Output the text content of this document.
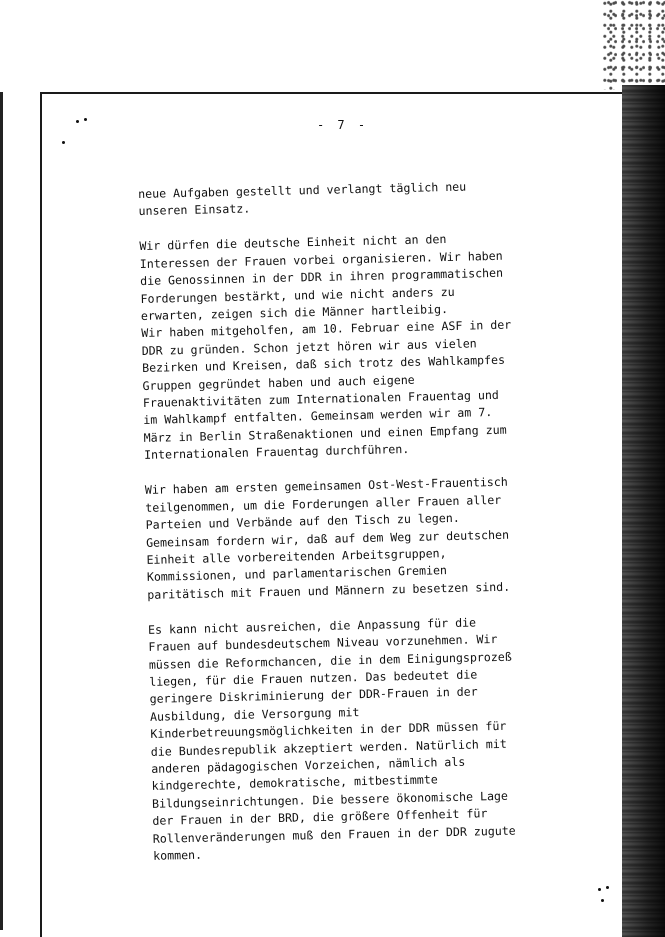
- 7 -
neue Aufgaben gestellt und verlangt täglich neu
unseren Einsatz.
Wir dürfen die deutsche Einheit nicht an den
Interessen der Frauen vorbei organisieren. Wir haben
die Genossinnen in der DDR in ihren programmatischen
Forderungen bestärkt, und wie nicht anders zu
erwarten, zeigen sich die Männer hartleibig.
Wir haben mitgeholfen, am 10. Februar eine ASF in der
DDR zu gründen. Schon jetzt hören wir aus vielen
Bezirken und Kreisen, daß sich trotz des Wahlkampfes
Gruppen gegründet haben und auch eigene
Frauenaktivitäten zum Internationalen Frauentag und
im Wahlkampf entfalten. Gemeinsam werden wir am 7.
März in Berlin Straßenaktionen und einen Empfang zum
Internationalen Frauentag durchführen.
Wir haben am ersten gemeinsamen Ost-West-Frauentisch
teilgenommen, um die Forderungen aller Frauen aller
Parteien und Verbände auf den Tisch zu legen.
Gemeinsam fordern wir, daß auf dem Weg zur deutschen
Einheit alle vorbereitenden Arbeitsgruppen,
Kommissionen, und parlamentarischen Gremien
paritätisch mit Frauen und Männern zu besetzen sind.
Es kann nicht ausreichen, die Anpassung für die
Frauen auf bundesdeutschem Niveau vorzunehmen. Wir
müssen die Reformchancen, die in dem Einigungsprozeß
liegen, für die Frauen nutzen. Das bedeutet die
geringere Diskriminierung der DDR-Frauen in der
Ausbildung, die Versorgung mit
Kinderbetreuungsmöglichkeiten in der DDR müssen für
die Bundesrepublik akzeptiert werden. Natürlich mit
anderen pädagogischen Vorzeichen, nämlich als
kindgerechte, demokratische, mitbestimmte
Bildungseinrichtungen. Die bessere ökonomische Lage
der Frauen in der BRD, die größere Offenheit für
Rollenveränderungen muß den Frauen in der DDR zugute
kommen.
